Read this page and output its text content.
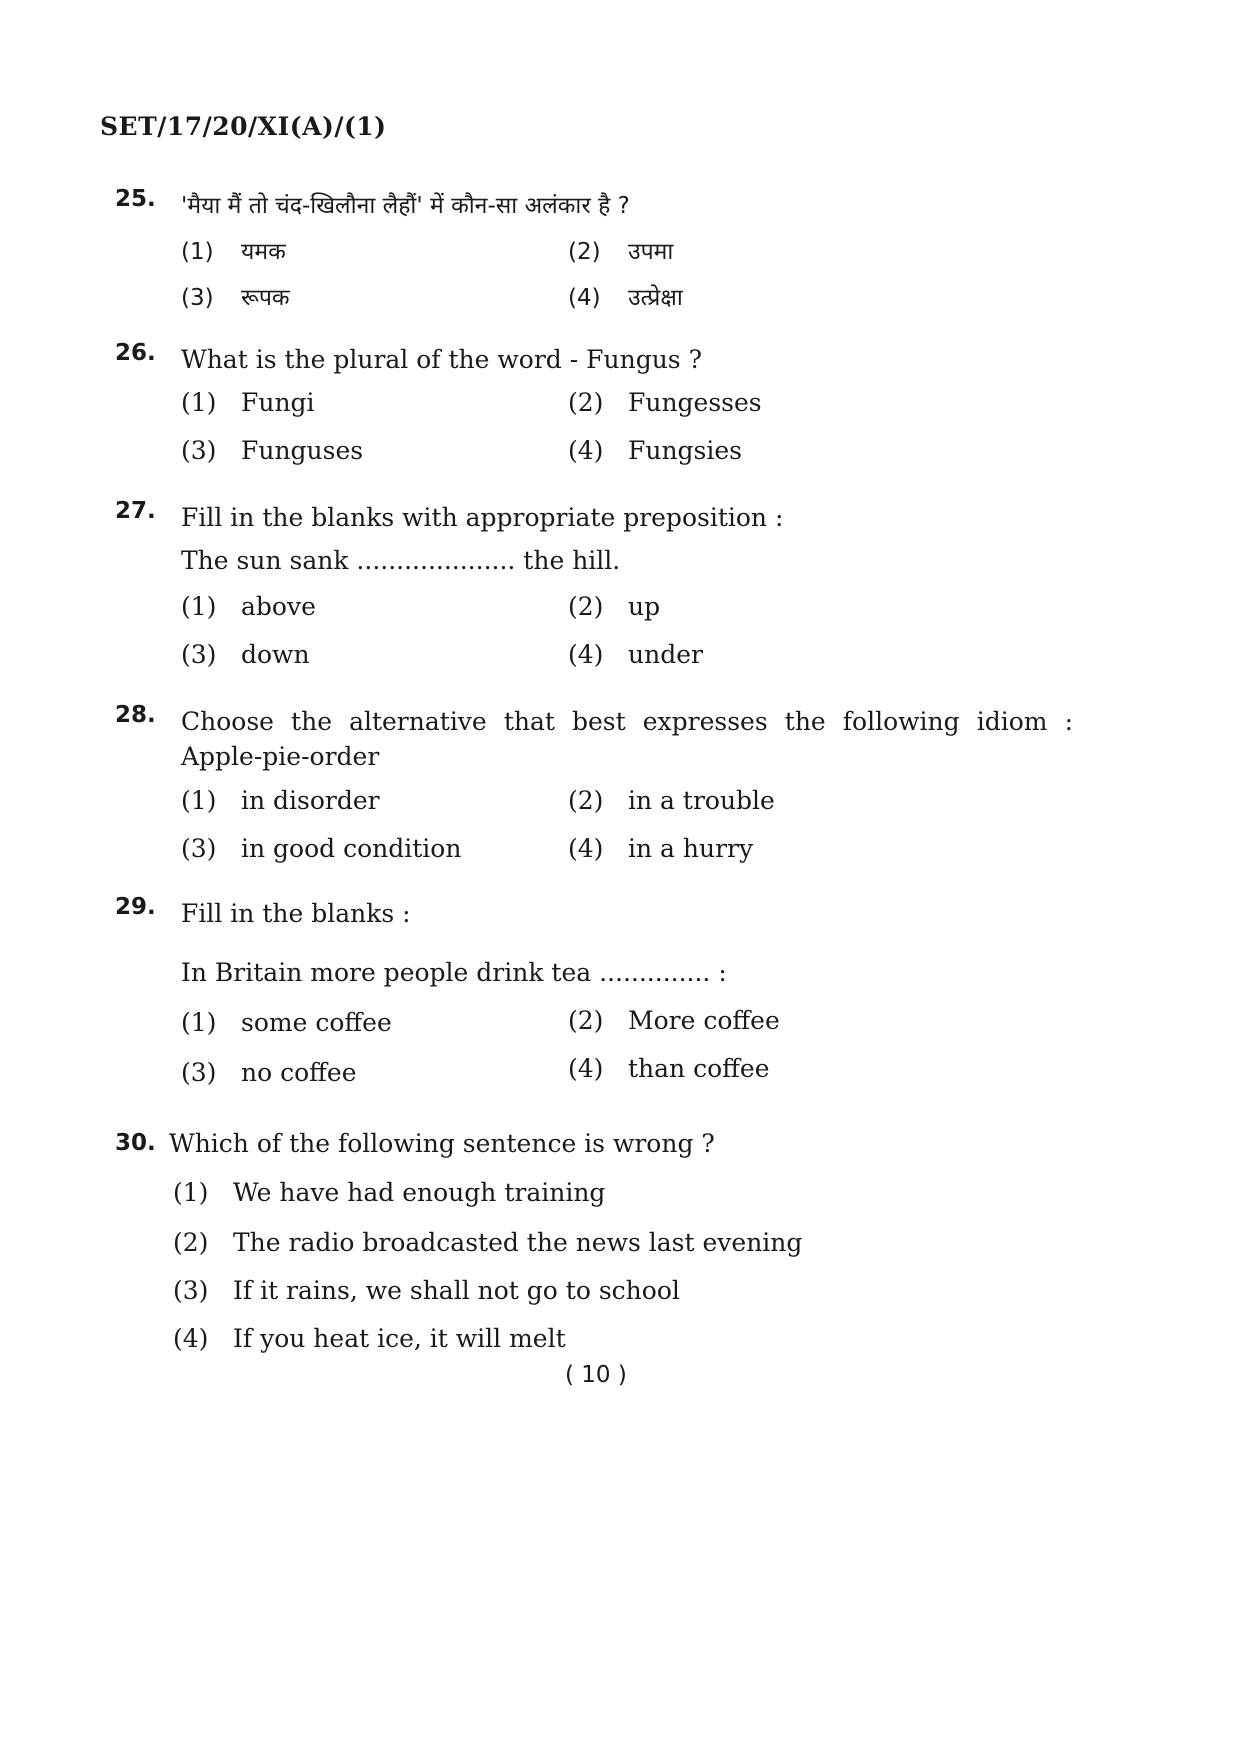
SET/17/20/XI(A)/(1)
25. 'मैया मैं तो चंद-खिलौना लैहौं' में कौन-सा अलंकार है ?
(1) यमक	(2) उपमा
(3) रूपक	(4) उत्प्रेक्षा
26. What is the plural of the word - Fungus ?
(1) Fungi	(2) Fungesses
(3) Funguses	(4) Fungsies
27. Fill in the blanks with appropriate preposition :
The sun sank .................... the hill.
(1) above	(2) up
(3) down	(4) under
28. Choose the alternative that best expresses the following idiom :
Apple-pie-order
(1) in disorder	(2) in a trouble
(3) in good condition	(4) in a hurry
29. Fill in the blanks :
In Britain more people drink tea .............. :
(1) some coffee	(2) More coffee
(3) no coffee	(4) than coffee
30. Which of the following sentence is wrong ?
(1) We have had enough training
(2) The radio broadcasted the news last evening
(3) If it rains, we shall not go to school
(4) If you heat ice, it will melt
( 10 )
